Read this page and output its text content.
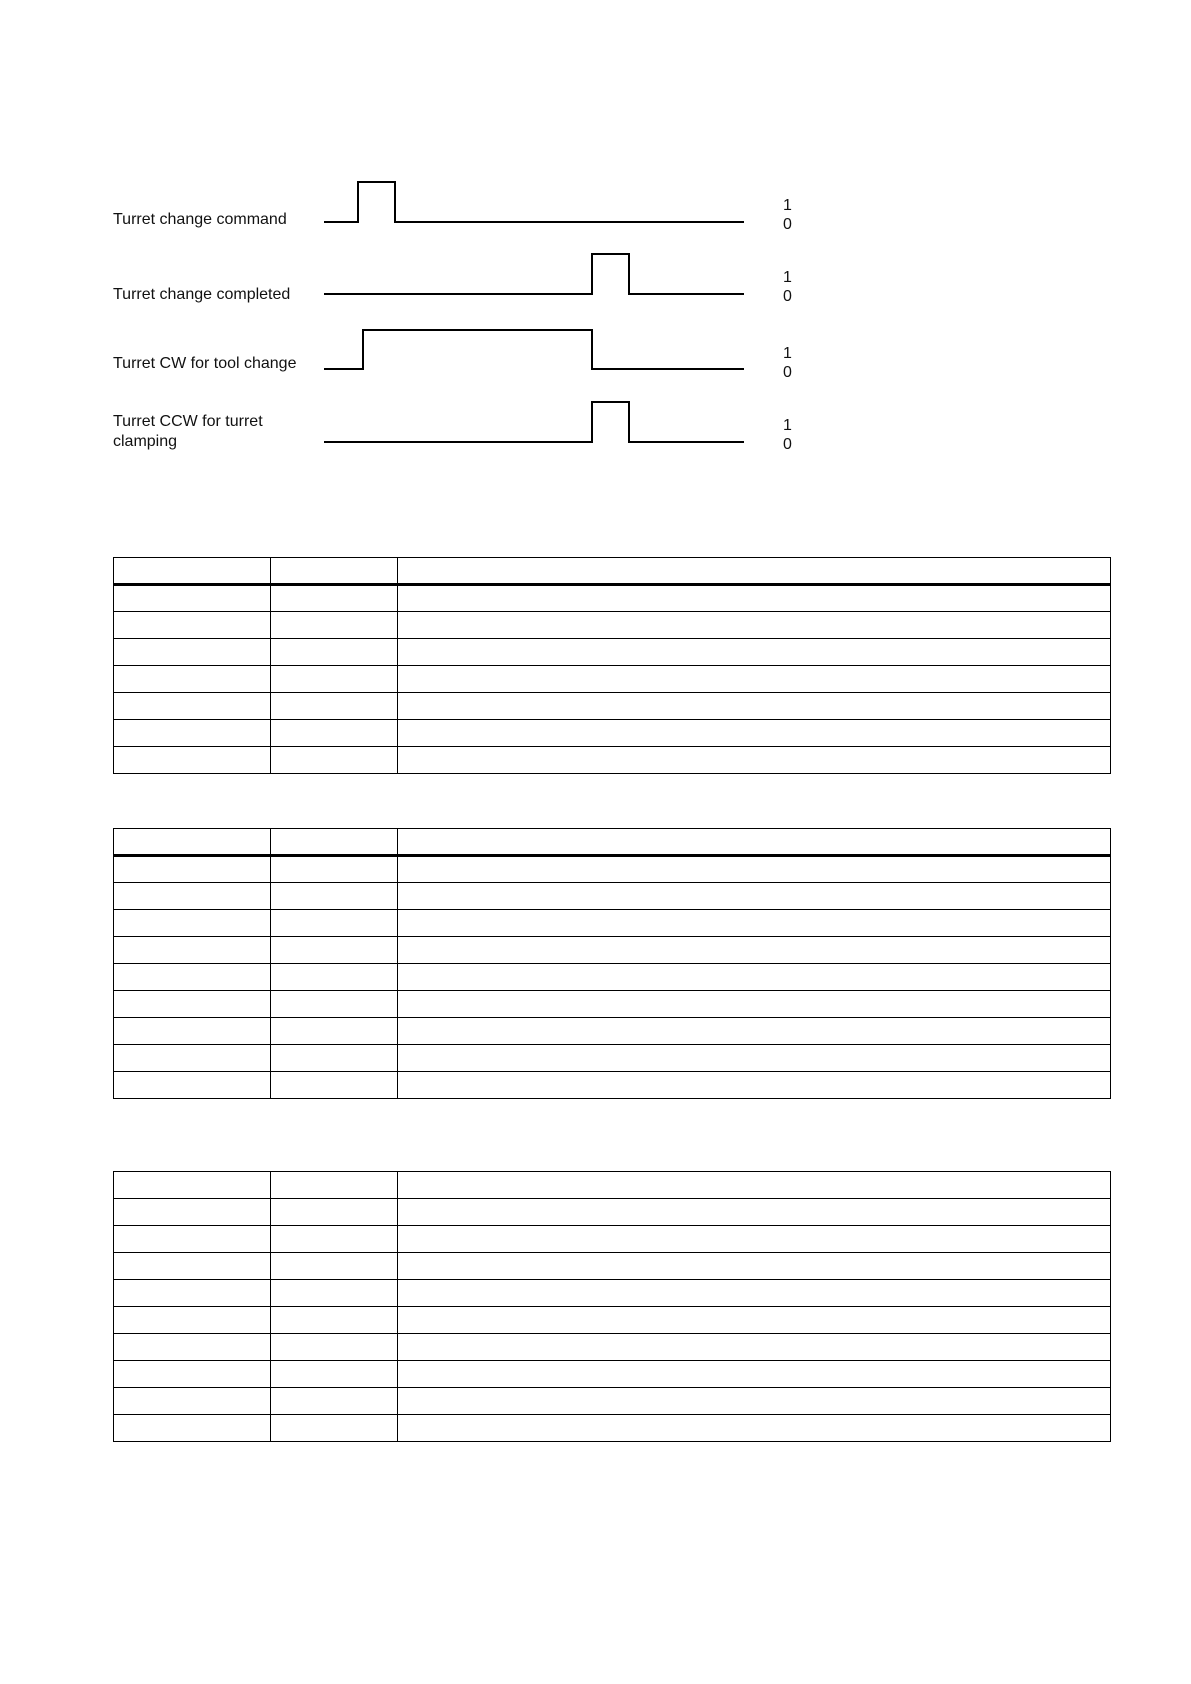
Turret change command
1
0
Turret change completed
1
0
Turret CW for tool change
1
0
Turret CCW for turret
clamping
1
0
